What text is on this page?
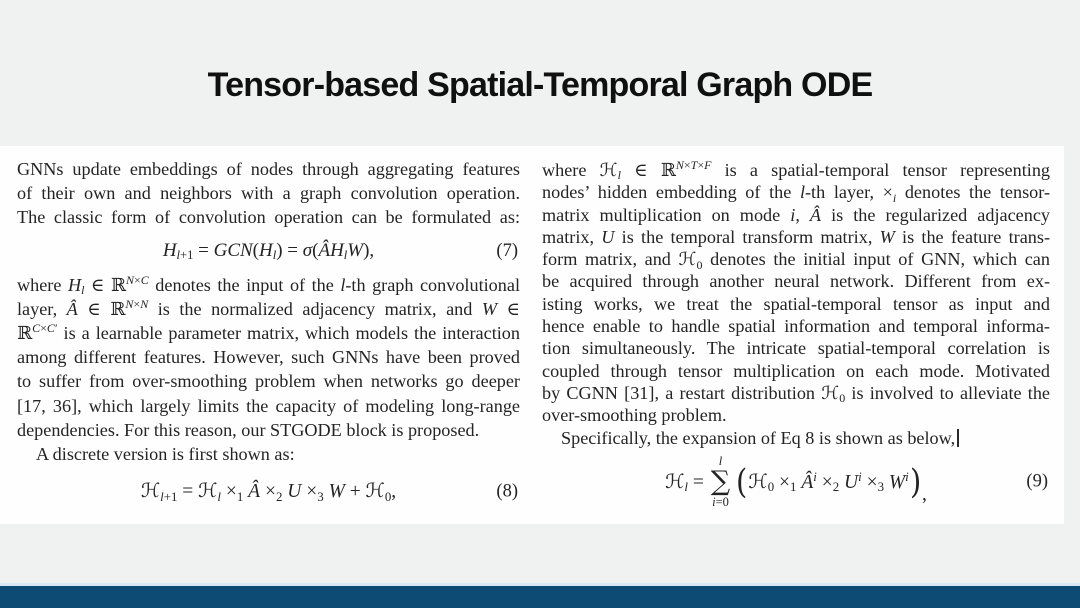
Tensor-based Spatial-Temporal Graph ODE
GNNs update embeddings of nodes through aggregating features
of their own and neighbors with a graph convolution operation.
The classic form of convolution operation can be formulated as:
$H_{l+1} = GCN(H_l)$ = $\sigma(ÂH_lW)$,	(7)
where $H_l$ ∈ ℝ$^{N\times C}$ denotes the input of the l-th graph convolutional
layer, Â ∈ ℝ$^{N\times N}$ is the normalized adjacency matrix, and W ∈
ℝ$^{C\times C'}$ is a learnable parameter matrix, which models the interaction
among different features. However, such GNNs have been proved
to suffer from over-smoothing problem when networks go deeper
[17, 36], which largely limits the capacity of modeling long-range
dependencies. For this reason, our STGODE block is proposed.
A discrete version is first shown as:
ℋ$_{l+1}$ = ℋ$_l$ $\times_1$ Â $\times_2$ $U \times_3$ W + ℋ$_0$,	(8)
where ℋ$_l$ ∈ ℝ$^{N\times T\times F}$ is a spatial-temporal tensor representing
nodes’ hidden embedding of the l-th layer, $\times_i$ denotes the tensor-
matrix multiplication on mode i, Â is the regularized adjacency
matrix, U is the temporal transform matrix, W is the feature trans-
form matrix, and ℋ$_0$ denotes the initial input of GNN, which can
be acquired through another neural network. Different from ex-
isting works, we treat the spatial-temporal tensor as input and
hence enable to handle spatial information and temporal informa-
tion simultaneously. The intricate spatial-temporal correlation is
coupled through tensor multiplication on each mode. Motivated
by CGNN [31], a restart distribution ℋ$_0$ is involved to alleviate the
over-smoothing problem.
Specifically, the expansion of Eq 8 is shown as below,
ℋ$_l$ =
l
∑
i=0
( ℋ$_0$ $\times_1$ $Â^i \times_2$ $U^i \times_3$ $W^i$ ) ,
(9)
